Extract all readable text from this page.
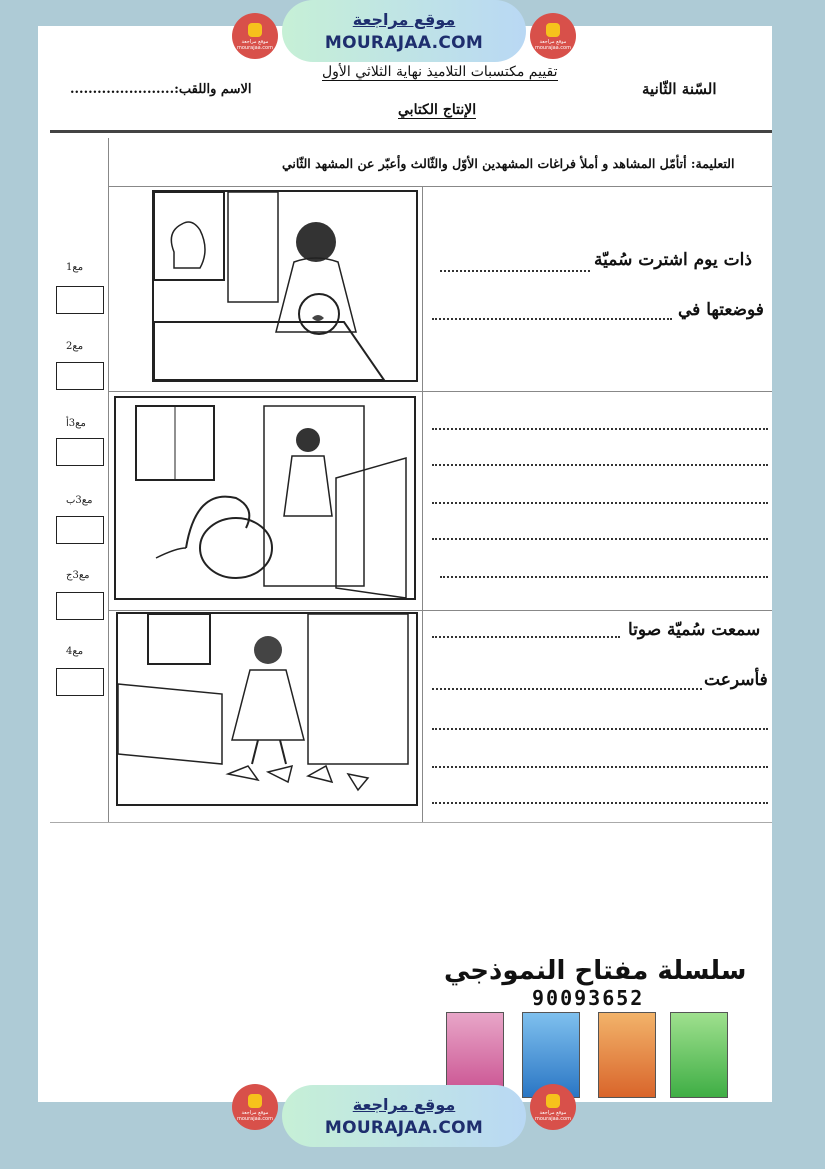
موقع مراجعة mourajaa.com
موقع مراجعة
MOURAJAA.COM	موقع مراجعة mourajaa.com
تقييم مكتسبات التلاميذ نهاية الثلاثي الأول
السّنة الثّانية
الاسم واللقب:.......................
الإنتاج الكتابي
التعليمة: أتأمّل المشاهد و أملأ فراغات المشهدين الأوّل والثّالث وأعبّر عن المشهد الثّاني
مع1
مع2
مع3أ
مع3ب
مع3ج
مع4
ذات يوم اشترت سُميّة
فوضعتها في
سمعت سُميّة صوتا
فأسرعت
سلسلة مفتاح النموذجي
90093652
موقع مراجعة mourajaa.com
موقع مراجعة
MOURAJAA.COM
موقع مراجعة mourajaa.com
